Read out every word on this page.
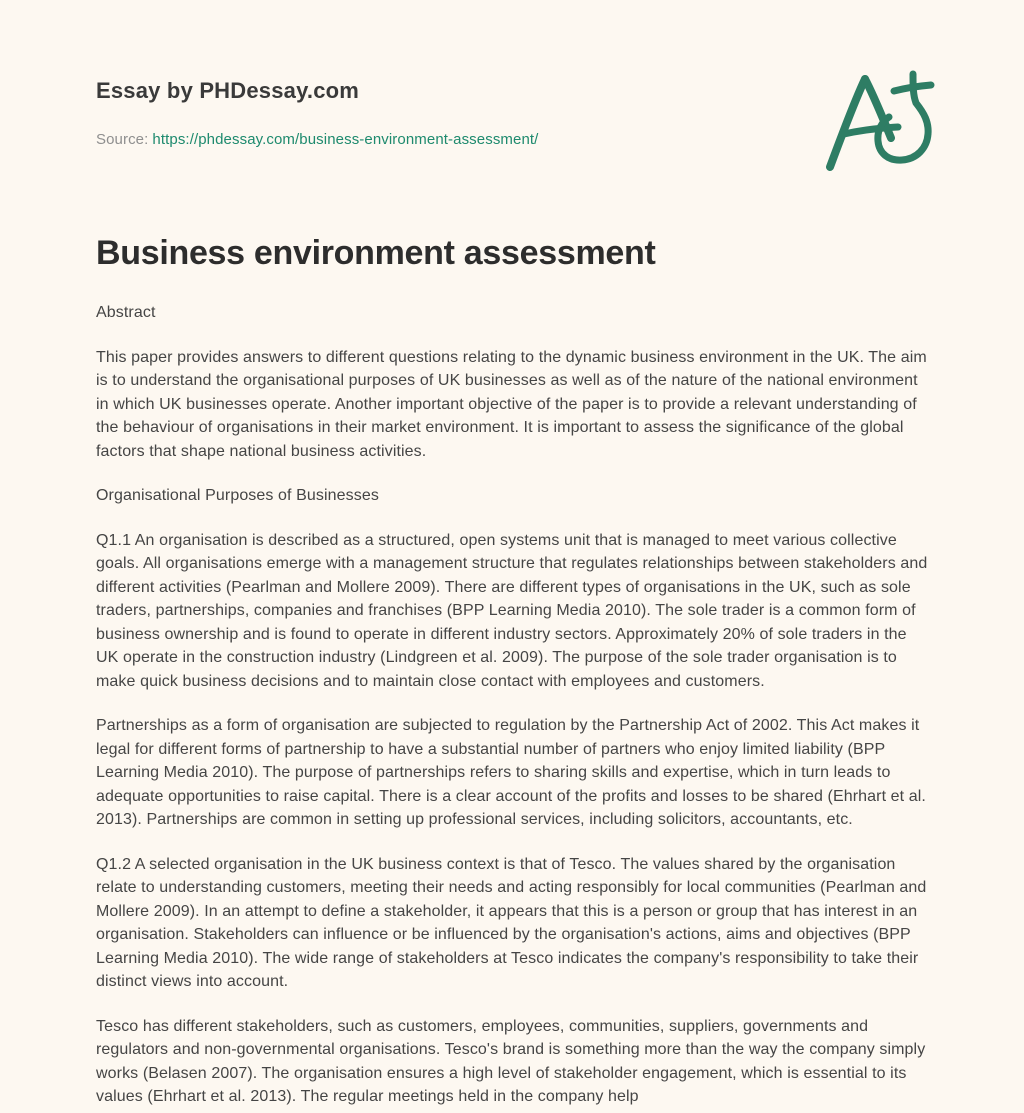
Essay by PHDessay.com
Source: https://phdessay.com/business-environment-assessment/
Business environment assessment

Abstract

This paper provides answers to different questions relating to the dynamic business environment in the UK. The aim is to understand the organisational purposes of UK businesses as well as of the nature of the national environment in which UK businesses operate. Another important objective of the paper is to provide a relevant understanding of the behaviour of organisations in their market environment. It is important to assess the significance of the global factors that shape national business activities.

Organisational Purposes of Businesses

Q1.1 An organisation is described as a structured, open systems unit that is managed to meet various collective goals. All organisations emerge with a management structure that regulates relationships between stakeholders and different activities (Pearlman and Mollere 2009). There are different types of organisations in the UK, such as sole traders, partnerships, companies and franchises (BPP Learning Media 2010). The sole trader is a common form of business ownership and is found to operate in different industry sectors. Approximately 20% of sole traders in the UK operate in the construction industry (Lindgreen et al. 2009). The purpose of the sole trader organisation is to make quick business decisions and to maintain close contact with employees and customers.

Partnerships as a form of organisation are subjected to regulation by the Partnership Act of 2002. This Act makes it legal for different forms of partnership to have a substantial number of partners who enjoy limited liability (BPP Learning Media 2010). The purpose of partnerships refers to sharing skills and expertise, which in turn leads to adequate opportunities to raise capital. There is a clear account of the profits and losses to be shared (Ehrhart et al. 2013). Partnerships are common in setting up professional services, including solicitors, accountants, etc.

Q1.2 A selected organisation in the UK business context is that of Tesco. The values shared by the organisation relate to understanding customers, meeting their needs and acting responsibly for local communities (Pearlman and Mollere 2009). In an attempt to define a stakeholder, it appears that this is a person or group that has interest in an organisation. Stakeholders can influence or be influenced by the organisation's actions, aims and objectives (BPP Learning Media 2010). The wide range of stakeholders at Tesco indicates the company's responsibility to take their distinct views into account.

Tesco has different stakeholders, such as customers, employees, communities, suppliers, governments and regulators and non-governmental organisations. Tesco's brand is something more than the way the company simply works (Belasen 2007). The organisation ensures a high level of stakeholder engagement, which is essential to its values (Ehrhart et al. 2013). The regular meetings held in the company help
